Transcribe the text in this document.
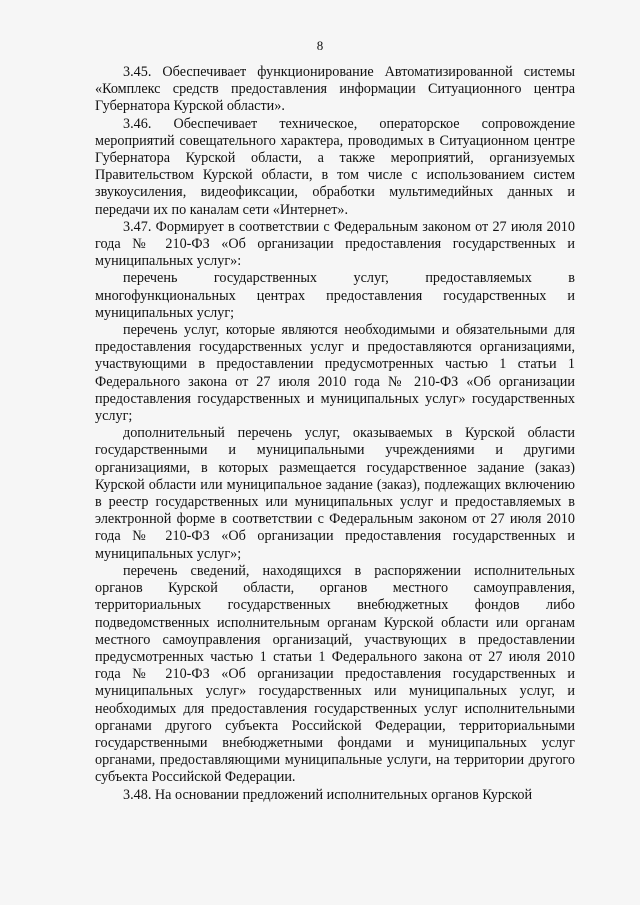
8

3.45. Обеспечивает функционирование Автоматизированной системы «Комплекс средств предоставления информации Ситуационного центра Губернатора Курской области».

3.46. Обеспечивает техническое, операторское сопровождение мероприятий совещательного характера, проводимых в Ситуационном центре Губернатора Курской области, а также мероприятий, организуемых Правительством Курской области, в том числе с использованием систем звукоусиления, видеофиксации, обработки мультимедийных данных и передачи их по каналам сети «Интернет».

3.47. Формирует в соответствии с Федеральным законом от 27 июля 2010 года № 210-ФЗ «Об организации предоставления государственных и муниципальных услуг»:

перечень государственных услуг, предоставляемых в многофункциональных центрах предоставления государственных и муниципальных услуг;

перечень услуг, которые являются необходимыми и обязательными для предоставления государственных услуг и предоставляются организациями, участвующими в предоставлении предусмотренных частью 1 статьи 1 Федерального закона от 27 июля 2010 года № 210-ФЗ «Об организации предоставления государственных и муниципальных услуг» государственных услуг;

дополнительный перечень услуг, оказываемых в Курской области государственными и муниципальными учреждениями и другими организациями, в которых размещается государственное задание (заказ) Курской области или муниципальное задание (заказ), подлежащих включению в реестр государственных или муниципальных услуг и предоставляемых в электронной форме в соответствии с Федеральным законом от 27 июля 2010 года № 210-ФЗ «Об организации предоставления государственных и муниципальных услуг»;

перечень сведений, находящихся в распоряжении исполнительных органов Курской области, органов местного самоуправления, территориальных государственных внебюджетных фондов либо подведомственных исполнительным органам Курской области или органам местного самоуправления организаций, участвующих в предоставлении предусмотренных частью 1 статьи 1 Федерального закона от 27 июля 2010 года № 210-ФЗ «Об организации предоставления государственных и муниципальных услуг» государственных или муниципальных услуг, и необходимых для предоставления государственных услуг исполнительными органами другого субъекта Российской Федерации, территориальными государственными внебюджетными фондами и муниципальных услуг органами, предоставляющими муниципальные услуги, на территории другого субъекта Российской Федерации.

3.48. На основании предложений исполнительных органов Курской
